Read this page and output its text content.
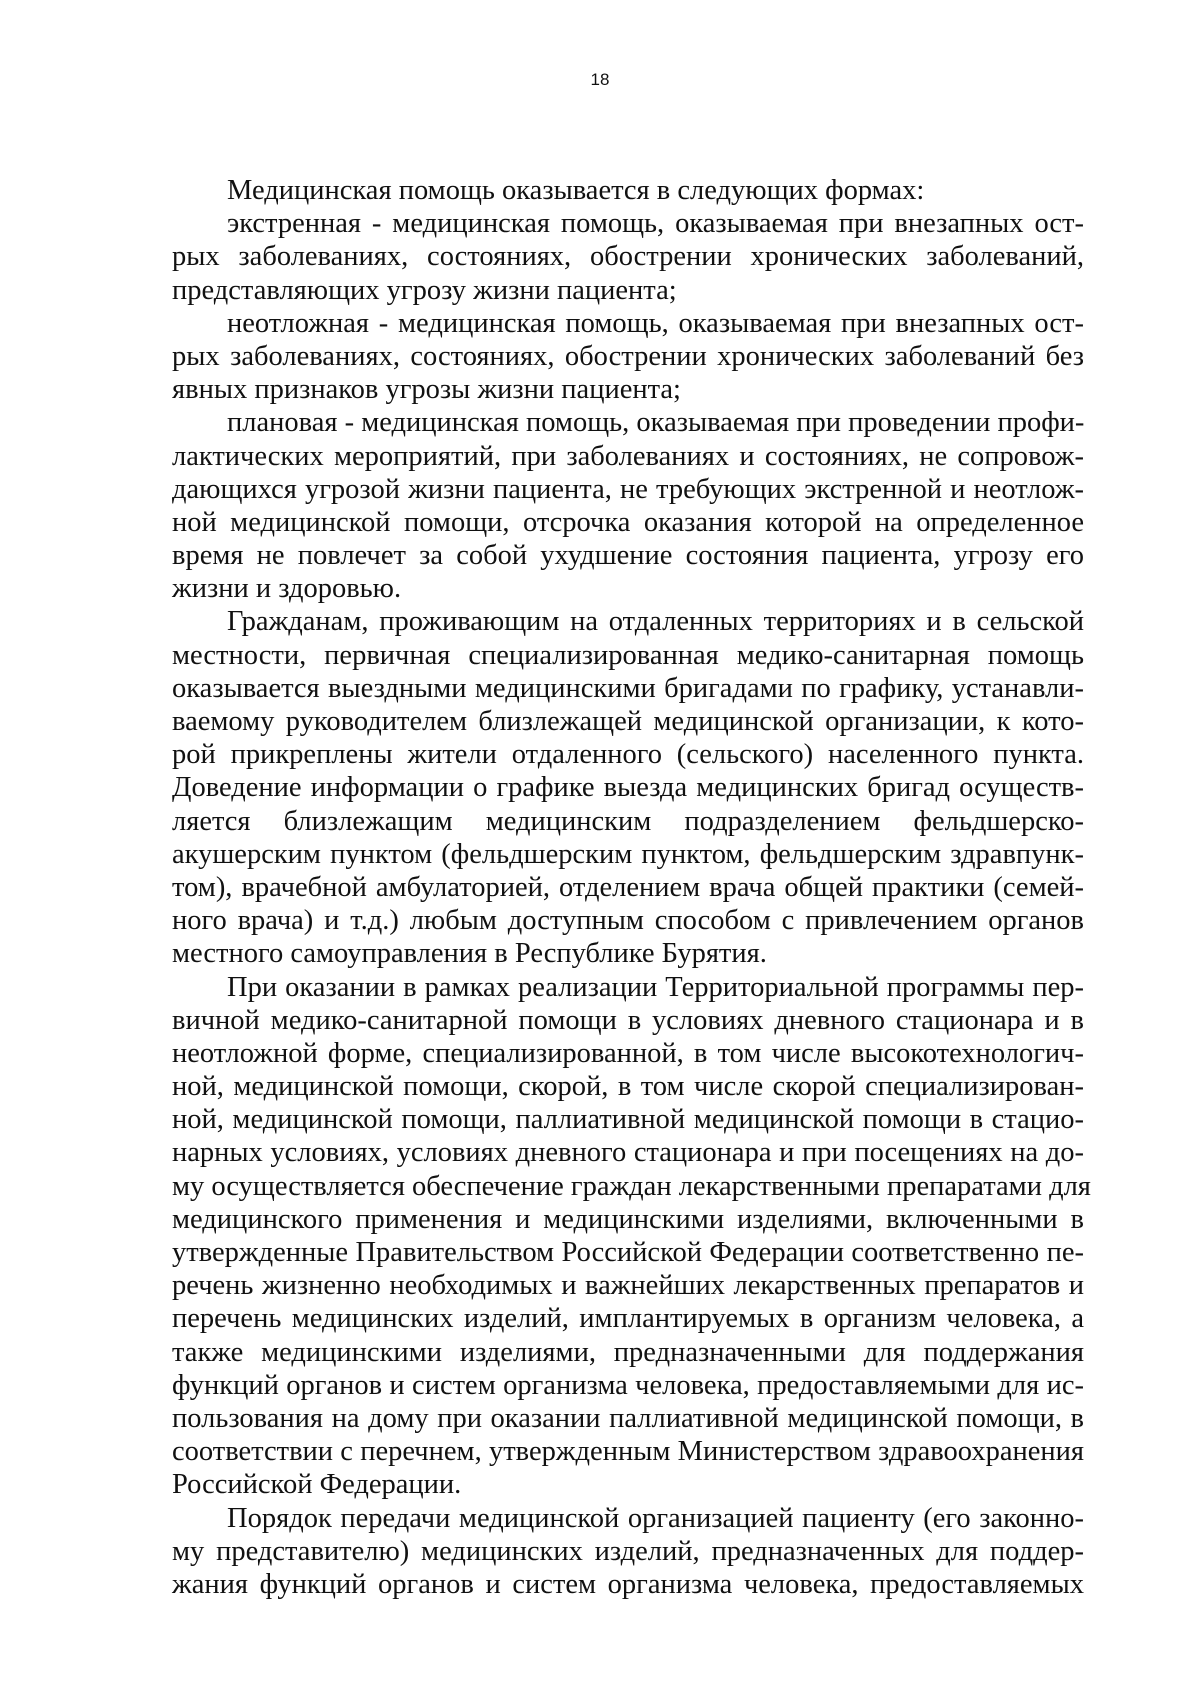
18
Медицинская помощь оказывается в следующих формах:
экстренная - медицинская помощь, оказываемая при внезапных ост-
рых заболеваниях, состояниях, обострении хронических заболеваний,
представляющих угрозу жизни пациента;
неотложная - медицинская помощь, оказываемая при внезапных ост-
рых заболеваниях, состояниях, обострении хронических заболеваний без
явных признаков угрозы жизни пациента;
плановая - медицинская помощь, оказываемая при проведении профи-
лактических мероприятий, при заболеваниях и состояниях, не сопровож-
дающихся угрозой жизни пациента, не требующих экстренной и неотлож-
ной медицинской помощи, отсрочка оказания которой на определенное
время не повлечет за собой ухудшение состояния пациента, угрозу его
жизни и здоровью.
Гражданам, проживающим на отдаленных территориях и в сельской
местности, первичная специализированная медико-санитарная помощь
оказывается выездными медицинскими бригадами по графику, устанавли-
ваемому руководителем близлежащей медицинской организации, к кото-
рой прикреплены жители отдаленного (сельского) населенного пункта.
Доведение информации о графике выезда медицинских бригад осуществ-
ляется близлежащим медицинским подразделением фельдшерско-
акушерским пунктом (фельдшерским пунктом, фельдшерским здравпунк-
том), врачебной амбулаторией, отделением врача общей практики (семей-
ного врача) и т.д.) любым доступным способом с привлечением органов
местного самоуправления в Республике Бурятия.
При оказании в рамках реализации Территориальной программы пер-
вичной медико-санитарной помощи в условиях дневного стационара и в
неотложной форме, специализированной, в том числе высокотехнологич-
ной, медицинской помощи, скорой, в том числе скорой специализирован-
ной, медицинской помощи, паллиативной медицинской помощи в стацио-
нарных условиях, условиях дневного стационара и при посещениях на до-
му осуществляется обеспечение граждан лекарственными препаратами для
медицинского применения и медицинскими изделиями, включенными в
утвержденные Правительством Российской Федерации соответственно пе-
речень жизненно необходимых и важнейших лекарственных препаратов и
перечень медицинских изделий, имплантируемых в организм человека, а
также медицинскими изделиями, предназначенными для поддержания
функций органов и систем организма человека, предоставляемыми для ис-
пользования на дому при оказании паллиативной медицинской помощи, в
соответствии с перечнем, утвержденным Министерством здравоохранения
Российской Федерации.
Порядок передачи медицинской организацией пациенту (его законно-
му представителю) медицинских изделий, предназначенных для поддер-
жания функций органов и систем организма человека, предоставляемых
